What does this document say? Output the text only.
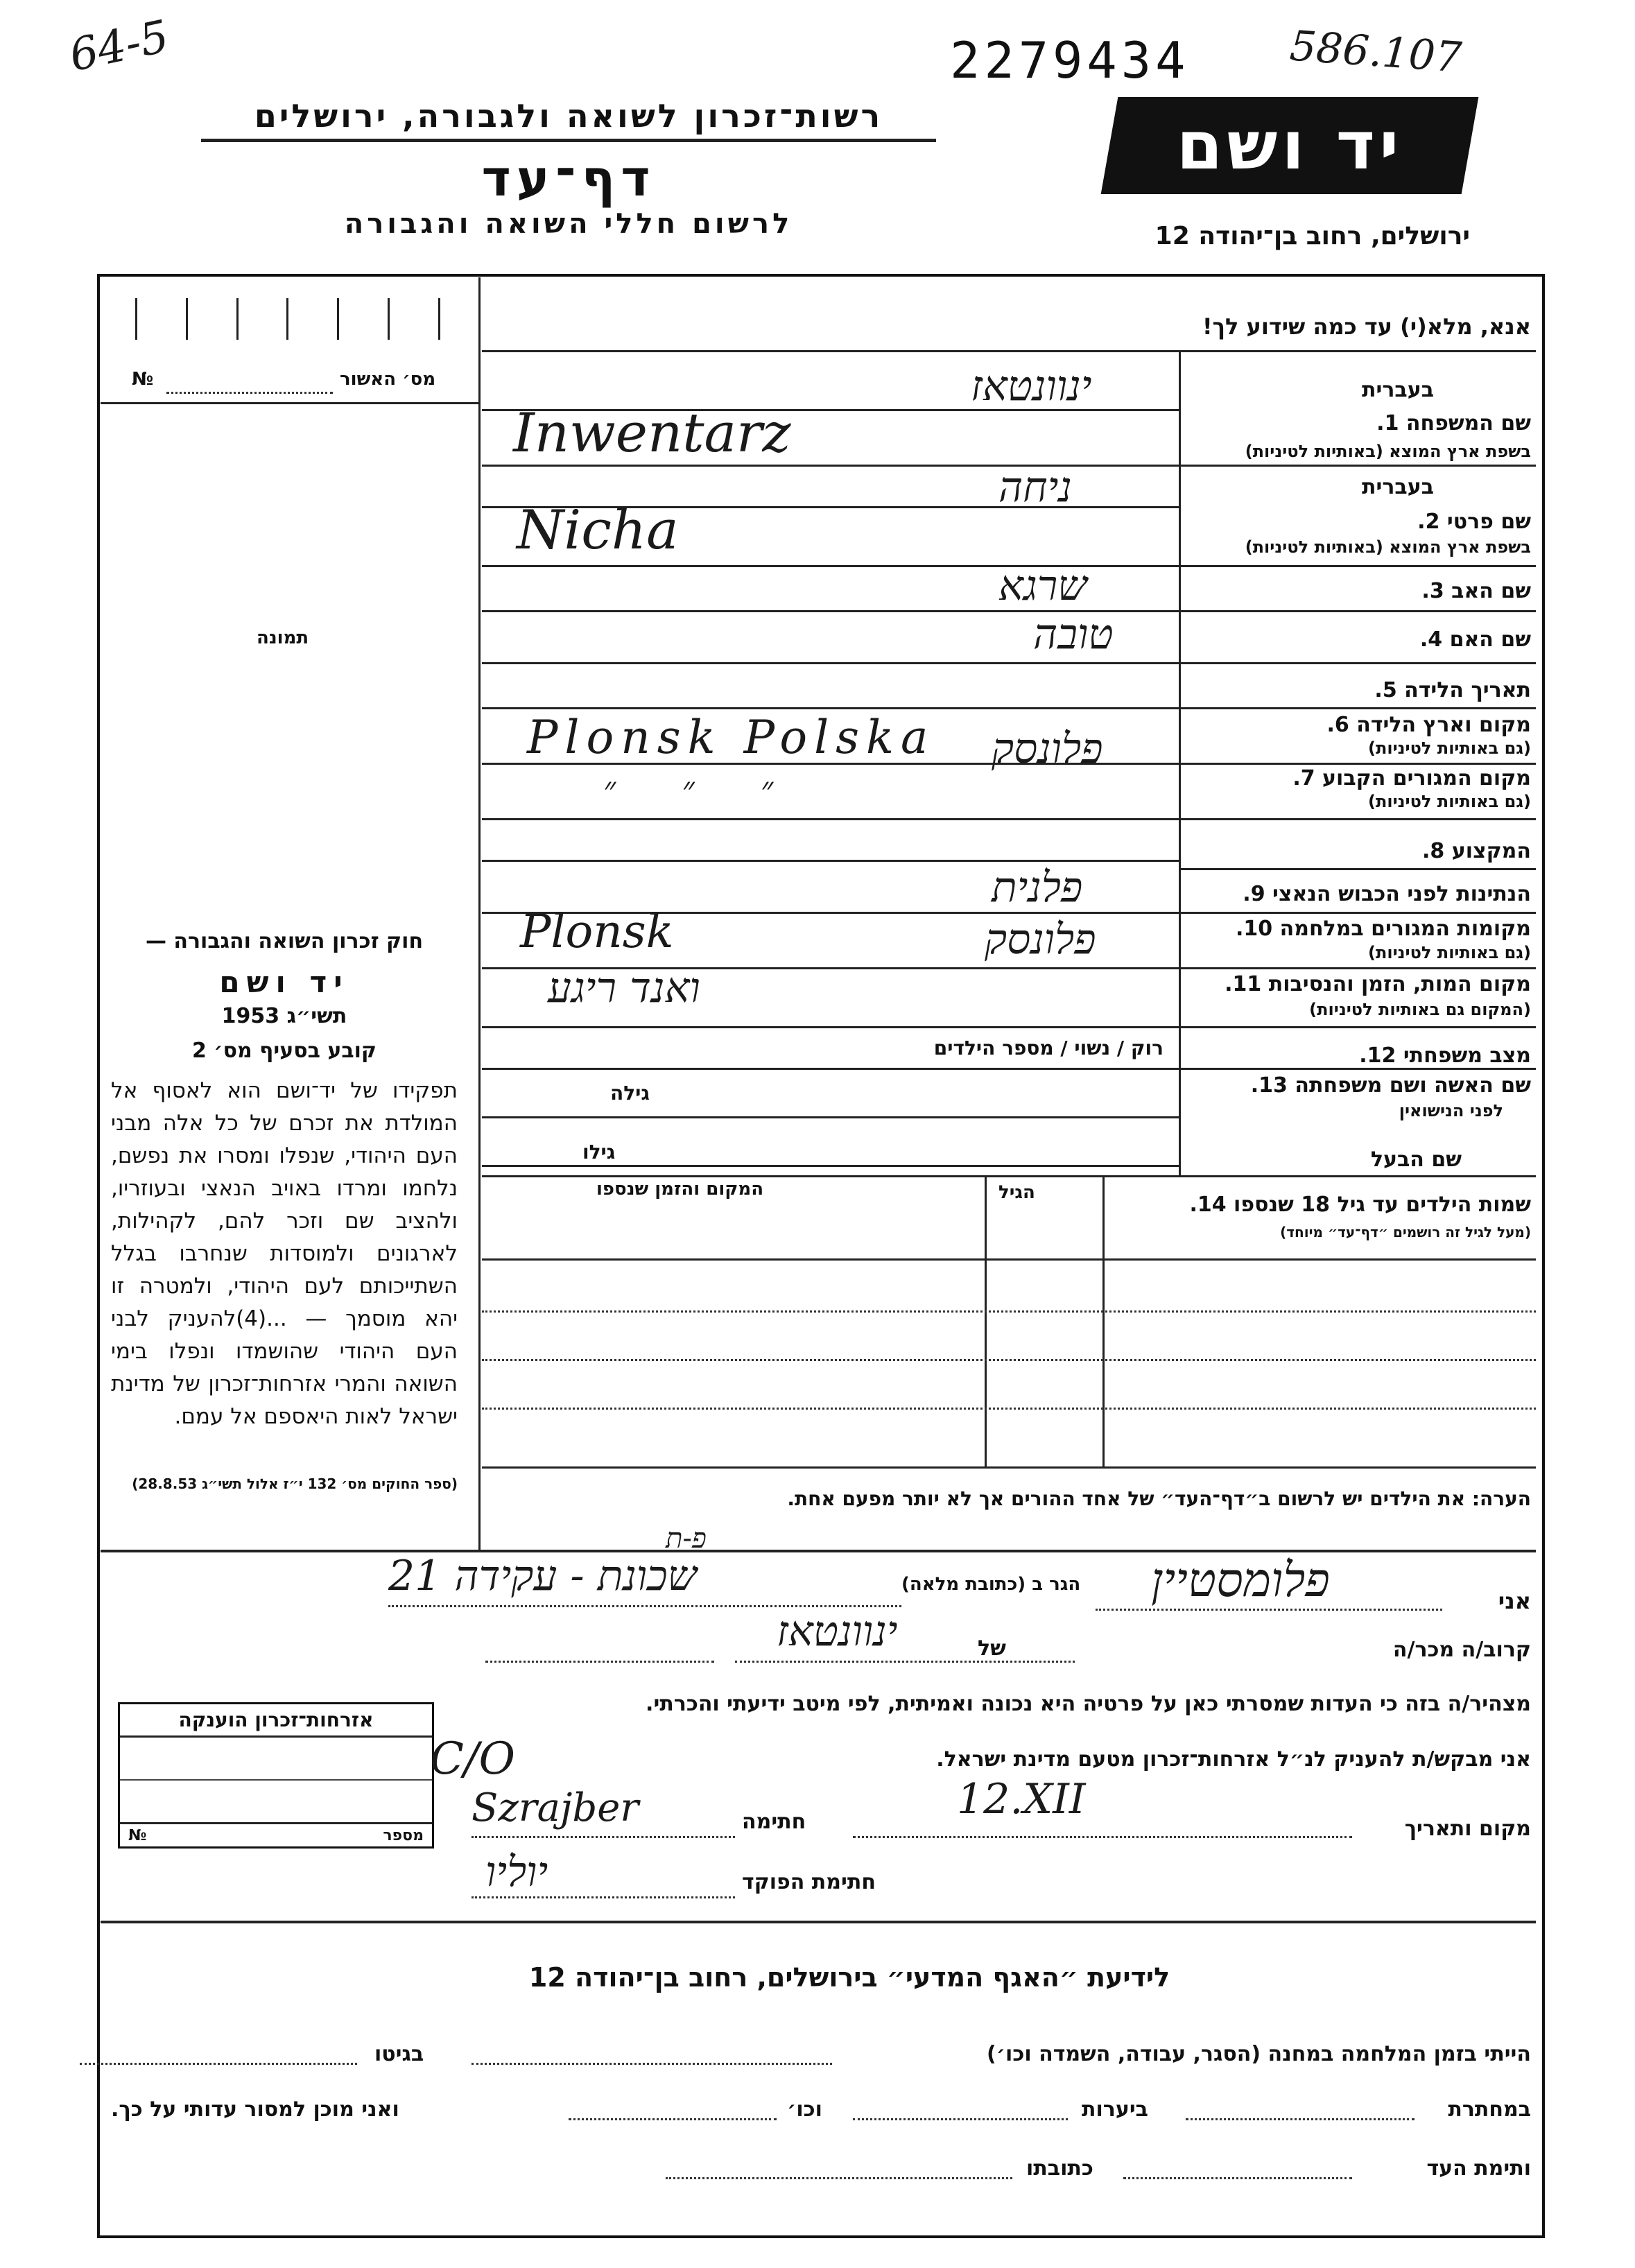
64-5	2279434 586.107
רשות־זכרון לשואה ולגבורה, ירושלים
דף־עד
לרשום חללי השואה והגבורה
יד ושם
ירושלים, רחוב בן־יהודה 12
אנא, מלא(י) עד כמה שידוע לך!
№	מס׳ האשור
תמונה
בעברית
שם המשפחה 1.
בשפת ארץ המוצא (באותיות לטיניות)
ינוונטאז
Inwentarz
בעברית
שם פרטי 2.
בשפת ארץ המוצא (באותיות לטיניות)
ניחה
Nicha
שם האב 3.
שרגא
שם האם 4.
טובה
תאריך הלידה 5.
מקום וארץ הלידה 6.
(גם באותיות לטיניות)
Plonsk Polska פלונסק
מקום המגורים הקבוע 7.
(גם באותיות לטיניות)
״ ״ ״
המקצוע 8.
הנתינות לפני הכבוש הנאצי 9.
פלנית
מקומות המגורים במלחמה 10.
(גם באותיות לטיניות)
Plonsk	פלונסק
מקום המות, הזמן והנסיבות 11.
(המקום גם באותיות לטיניות)
ואנד ריגע
רוק / נשוי / מספר הילדים	מצב משפחתי 12.
גילה	שם האשה ושם משפחתה 13.
לפני הנישואין
גילו	שם הבעל
שמות הילדים עד גיל 18 שנספו 14.
(מעל לגיל זה רושמים ״דף־עד״ מיוחד)
הגיל
המקום והזמן שנספו
הערה: את הילדים יש לרשום ב״דף־העד״ של אחד ההורים אך לא יותר מפעם אחת.
חוק זכרון השואה והגבורה —
יד ושם
תשי״ג 1953
קובע בסעיף מס׳ 2
תפקידו של יד־ושם הוא לאסוף אל המולדת את זכרם של כל אלה מבני העם היהודי, שנפלו ומסרו את נפשם, נלחמו ומרדו באויב הנאצי ובעוזריו, ולהציב שם וזכר להם, לקהילות, לארגונים ולמוסדות שנחרבו בגלל השתייכותם לעם היהודי, ולמטרה זו יהא מוסמך — ...(4)להעניק לבני העם היהודי שהושמדו ונפלו בימי השואה והמרי אזרחות־זכרון של מדינת ישראל לאות היאספם אל עמם.
(ספר החוקים מס׳ 132 י״ז אלול תשי״ג 28.8.53)
אני
פלומסטיין
הגר ב (כתובת מלאה)
פ-ת
שכונת - עקידה 21
קרוב/ה מכר/ה
ינוונטאז	של
מצהיר/ה בזה כי העדות שמסרתי כאן על פרטיה היא נכונה ואמיתית, לפי מיטב ידיעתי והכרתי.
אזרחות־זכרון הוענקה
№	מספר
אני מבקש/ת להעניק לנ״ל אזרחות־זכרון מטעם מדינת ישראל.
C/O
Szrajber	חתימה	12.XII
מקום ותאריך
יוליו	חתימת הפוקד
לידיעת ״האגף המדעי״ בירושלים, רחוב בן־יהודה 12
הייתי בזמן המלחמה במחנה (הסגר, עבודה, השמדה וכו׳)
בגיטו
במחתרת
ביערות
וכו׳
ואני מוכן למסור עדותי על כך.
ותימת העד
כתובתו
